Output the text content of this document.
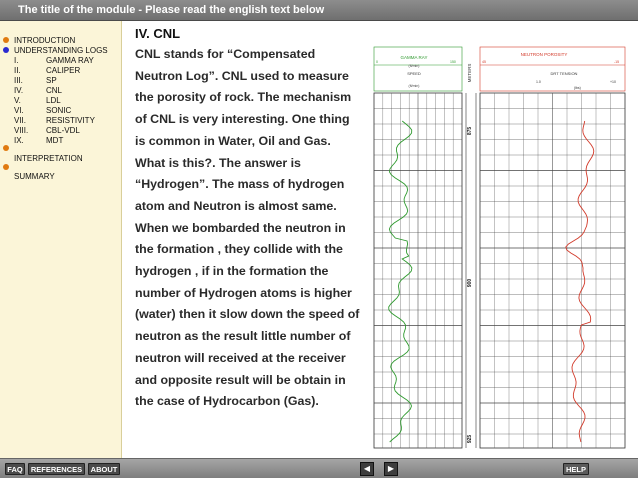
The title of the module - Please read the english text below
INTRODUCTION
UNDERSTANDING LOGS
I.	GAMMA RAY
II.	CALIPER
III.	SP
IV.	CNL
V.	LDL
VI.	SONIC
VII. RESISTIVITY
VIII. CBL-VDL
IX.	MDT
INTERPRETATION
SUMMARY
IV. CNL
CNL stands for “Compensated Neutron Log”. CNL used to measure the porosity of rock. The mechanism of CNL is very interesting. One thing is common in Water, Oil and Gas. What is this?. The answer is “Hydrogen”. The mass of hydrogen atom and Neutron is almost same. When we bombarded the neutron in the formation , they collide with the hydrogen , if in the formation the number of Hydrogen atoms is higher (water) then it slow down the speed of neutron as the result little number of neutron will received at the receiver and opposite result will be obtain in the case of Hydrocarbon (Gas).
GAMMA RAY
(ft/min)
SPEED
(ft/min)
0	150
METERS
NEUTRON POROSITY
45	-15
DRT TENSION
1.0	+10
(lbs)
875
900
925
FAQ	REFERENCES	ABOUT	◀	▶	HELP
